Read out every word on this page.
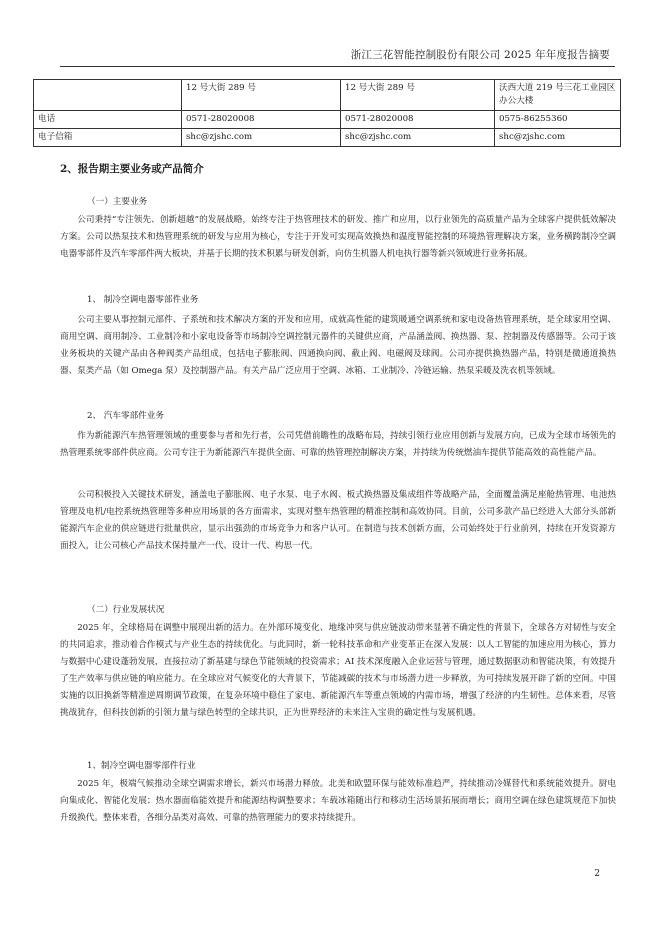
浙江三花智能控制股份有限公司 2025 年年度报告摘要
	12 号大街 289 号	12 号大街 289 号	沃西大道 219 号三花工业园区办公大楼
电话	0571-28020008	0571-28020008	0575-86255360
电子信箱	shc@zjshc.com	shc@zjshc.com	shc@zjshc.com
2、报告期主要业务或产品简介
（一）主要业务
公司秉持“专注领先、创新超越”的发展战略，始终专注于热管理技术的研发、推广和应用，以行业领先的高质量产品为全球客户提供低效解决方案。公司以热泵技术和热管理系统的研发与应用为核心，专注于开发可实现高效换热和温度智能控制的环境热管理解决方案，业务横跨制冷空调电器零部件及汽车零部件两大板块，并基于长期的技术积累与研发创新，向仿生机器人机电执行器等新兴领域进行业务拓展。
1、 制冷空调电器零部件业务
公司主要从事控制元部件、子系统和技术解决方案的开发和应用，成就高性能的建筑暖通空调系统和家电设备热管理系统，是全球家用空调、商用空调、商用制冷、工业制冷和小家电设备等市场制冷空调控制元器件的关键供应商，产品涵盖阀、换热器、泵、控制器及传感器等。公司于该业务板块的关键产品由各种阀类产品组成，包括电子膨胀阀、四通换向阀、截止阀、电磁阀及球阀。公司亦提供换热器产品，特别是微通道换热器、泵类产品（如 Omega 泵）及控制器产品。有关产品广泛应用于空调、冰箱、工业制冷、冷链运输、热泵采暖及洗衣机等领域。
2、 汽车零部件业务
作为新能源汽车热管理领域的重要参与者和先行者，公司凭借前瞻性的战略布局，持续引领行业应用创新与发展方向，已成为全球市场领先的热管理系统零部件供应商。公司专注于为新能源汽车提供全面、可靠的热管理控制解决方案，并持续为传统燃油车提供节能高效的高性能产品。
公司积极投入关键技术研发，涵盖电子膨胀阀、电子水泵、电子水阀、板式换热器及集成组件等战略产品，全面覆盖满足座舱热管理、电池热管理及电机/电控系统热管理等多种应用场景的各方面需求，实现对整车热管理的精准控制和高效协同。目前，公司多款产品已经进入大部分头部新能源汽车企业的供应链进行批量供应，显示出强劲的市场竞争力和客户认可。在制造与技术创新方面，公司始终处于行业前列，持续在开发资源方面投入，让公司核心产品技术保持量产一代、设计一代、构思一代。
（二）行业发展状况
2025 年，全球格局在调整中展现出新的活力。在外部环境变化、地缘冲突与供应链波动带来显著不确定性的背景下，全球各方对韧性与安全的共同追求，推动着合作模式与产业生态的持续优化。与此同时，新一轮科技革命和产业变革正在深入发展：以人工智能的加速应用为核心，算力与数据中心建设蓬勃发展，直接拉动了新基建与绿色节能领域的投资需求；AI 技术深度融入企业运营与管理，通过数据驱动和智能决策，有效提升了生产效率与供应链的响应能力。在全球应对气候变化的大背景下，节能减碳的技术与市场潜力进一步释放，为可持续发展开辟了新的空间。中国实施的以旧换新等精准逆周期调节政策，在复杂环境中稳住了家电、新能源汽车等重点领域的内需市场，增强了经济的内生韧性。总体来看，尽管挑战犹存，但科技创新的引领力量与绿色转型的全球共识，正为世界经济的未来注入宝贵的确定性与发展机遇。
1、制冷空调电器零部件行业
2025 年，极端气候推动全球空调需求增长，新兴市场潜力释放。北美和欧盟环保与能效标准趋严，持续推动冷媒替代和系统能效提升。厨电向集成化、智能化发展；热水器面临能效提升和能源结构调整要求；车载冰箱随出行和移动生活场景拓展而增长；商用空调在绿色建筑规范下加快升级换代。整体来看，各细分品类对高效、可靠的热管理能力的要求持续提升。
2
